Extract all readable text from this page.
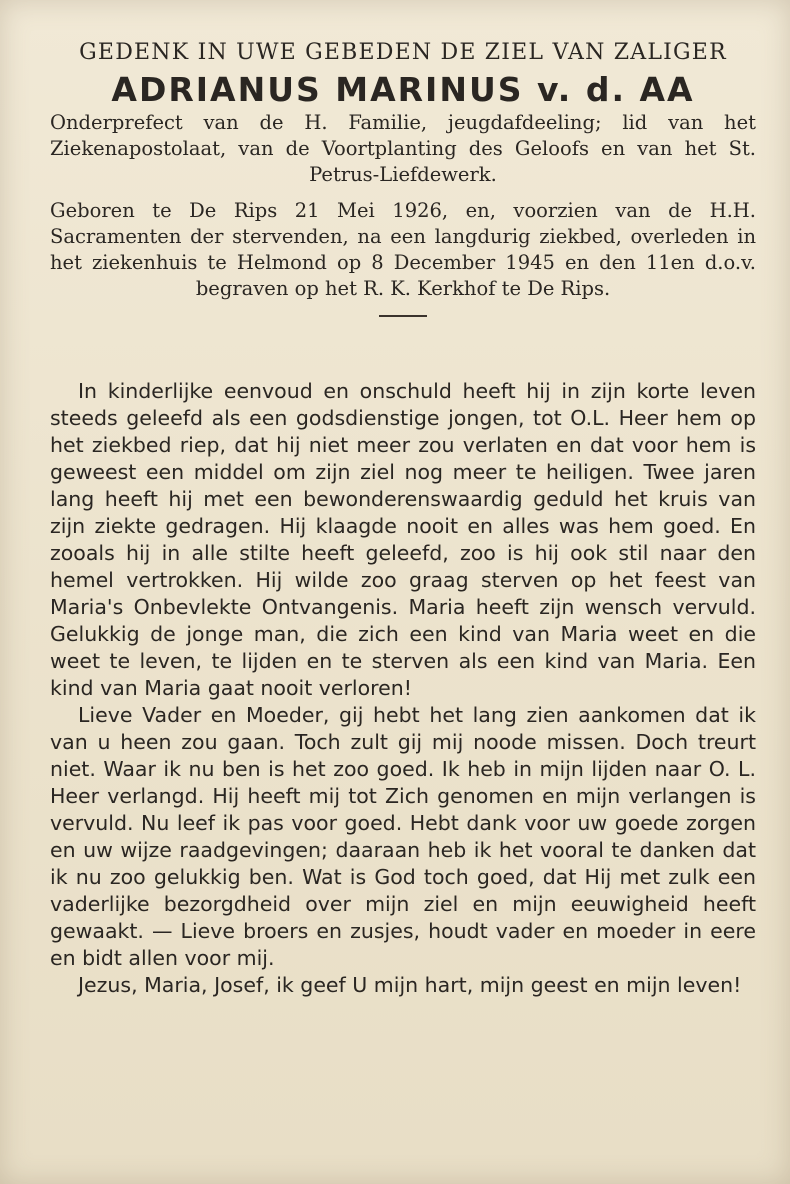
GEDENK IN UWE GEBEDEN DE ZIEL VAN ZALIGER
ADRIANUS MARINUS v. d. AA
Onderprefect van de H. Familie, jeugdafdeeling; lid van het Ziekenapostolaat, van de Voortplanting des Geloofs en van het St. Petrus-Liefdewerk.
Geboren te De Rips 21 Mei 1926, en, voorzien van de H.H. Sacramenten der stervenden, na een langdurig ziekbed, overleden in het ziekenhuis te Helmond op 8 December 1945 en den 11en d.o.v. begraven op het R. K. Kerkhof te De Rips.

In kinderlijke eenvoud en onschuld heeft hij in zijn korte leven steeds geleefd als een godsdienstige jongen, tot O.L. Heer hem op het ziekbed riep, dat hij niet meer zou verlaten en dat voor hem is geweest een middel om zijn ziel nog meer te heiligen. Twee jaren lang heeft hij met een bewonderenswaardig geduld het kruis van zijn ziekte gedragen. Hij klaagde nooit en alles was hem goed. En zooals hij in alle stilte heeft geleefd, zoo is hij ook stil naar den hemel vertrokken. Hij wilde zoo graag sterven op het feest van Maria's Onbevlekte Ontvangenis. Maria heeft zijn wensch vervuld. Gelukkig de jonge man, die zich een kind van Maria weet en die weet te leven, te lijden en te sterven als een kind van Maria. Een kind van Maria gaat nooit verloren!

Lieve Vader en Moeder, gij hebt het lang zien aankomen dat ik van u heen zou gaan. Toch zult gij mij noode missen. Doch treurt niet. Waar ik nu ben is het zoo goed. Ik heb in mijn lijden naar O. L. Heer verlangd. Hij heeft mij tot Zich genomen en mijn verlangen is vervuld. Nu leef ik pas voor goed. Hebt dank voor uw goede zorgen en uw wijze raadgevingen; daaraan heb ik het vooral te danken dat ik nu zoo gelukkig ben. Wat is God toch goed, dat Hij met zulk een vaderlijke bezorgdheid over mijn ziel en mijn eeuwigheid heeft gewaakt. — Lieve broers en zusjes, houdt vader en moeder in eere en bidt allen voor mij.

Jezus, Maria, Josef, ik geef U mijn hart, mijn geest en mijn leven!
